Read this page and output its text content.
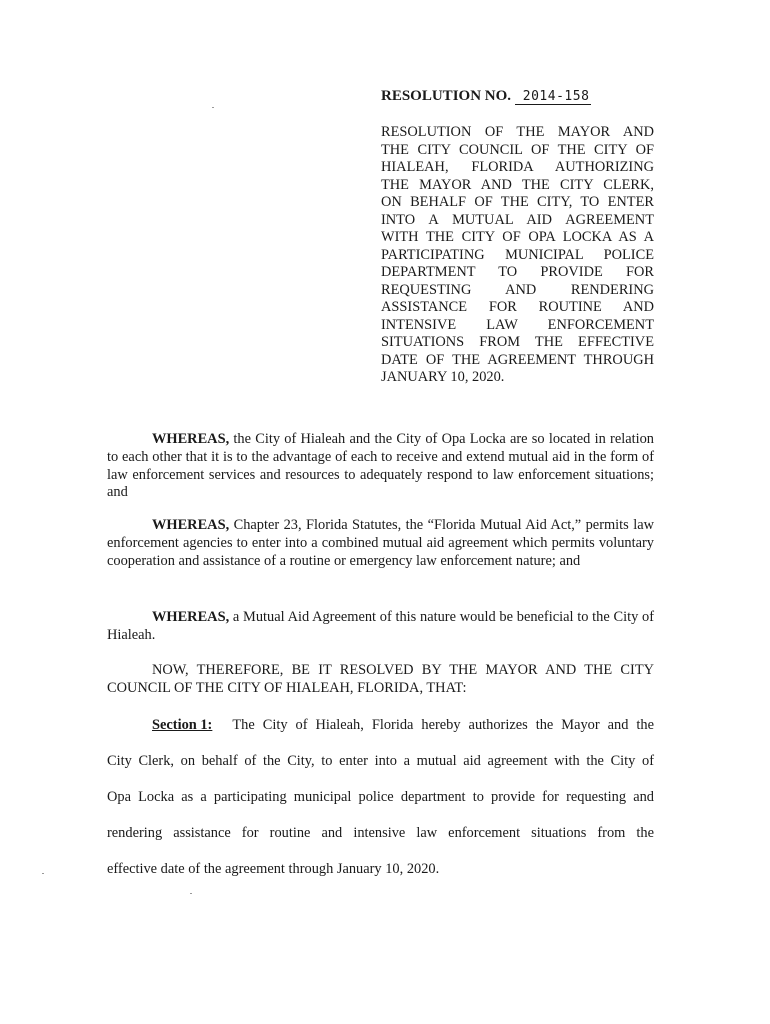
RESOLUTION NO. 2014-158
RESOLUTION OF THE MAYOR AND
THE CITY COUNCIL OF THE CITY OF
HIALEAH, FLORIDA AUTHORIZING
THE MAYOR AND THE CITY CLERK,
ON BEHALF OF THE CITY, TO ENTER
INTO A MUTUAL AID AGREEMENT
WITH THE CITY OF OPA LOCKA AS A
PARTICIPATING MUNICIPAL POLICE
DEPARTMENT TO PROVIDE FOR
REQUESTING AND RENDERING
ASSISTANCE FOR ROUTINE AND
INTENSIVE LAW ENFORCEMENT
SITUATIONS FROM THE EFFECTIVE
DATE OF THE AGREEMENT THROUGH
JANUARY 10, 2020.

WHEREAS, the City of Hialeah and the City of Opa Locka are so located in relation to each other that it is to the advantage of each to receive and extend mutual aid in the form of law enforcement services and resources to adequately respond to law enforcement situations; and

WHEREAS, Chapter 23, Florida Statutes, the “Florida Mutual Aid Act,” permits law enforcement agencies to enter into a combined mutual aid agreement which permits voluntary cooperation and assistance of a routine or emergency law enforcement nature; and

WHEREAS, a Mutual Aid Agreement of this nature would be beneficial to the City of Hialeah.

NOW, THEREFORE, BE IT RESOLVED BY THE MAYOR AND THE CITY COUNCIL OF THE CITY OF HIALEAH, FLORIDA, THAT:

Section 1: The City of Hialeah, Florida hereby authorizes the Mayor and the
City Clerk, on behalf of the City, to enter into a mutual aid agreement with the City of
Opa Locka as a participating municipal police department to provide for requesting and
rendering assistance for routine and intensive law enforcement situations from the
effective date of the agreement through January 10, 2020.
